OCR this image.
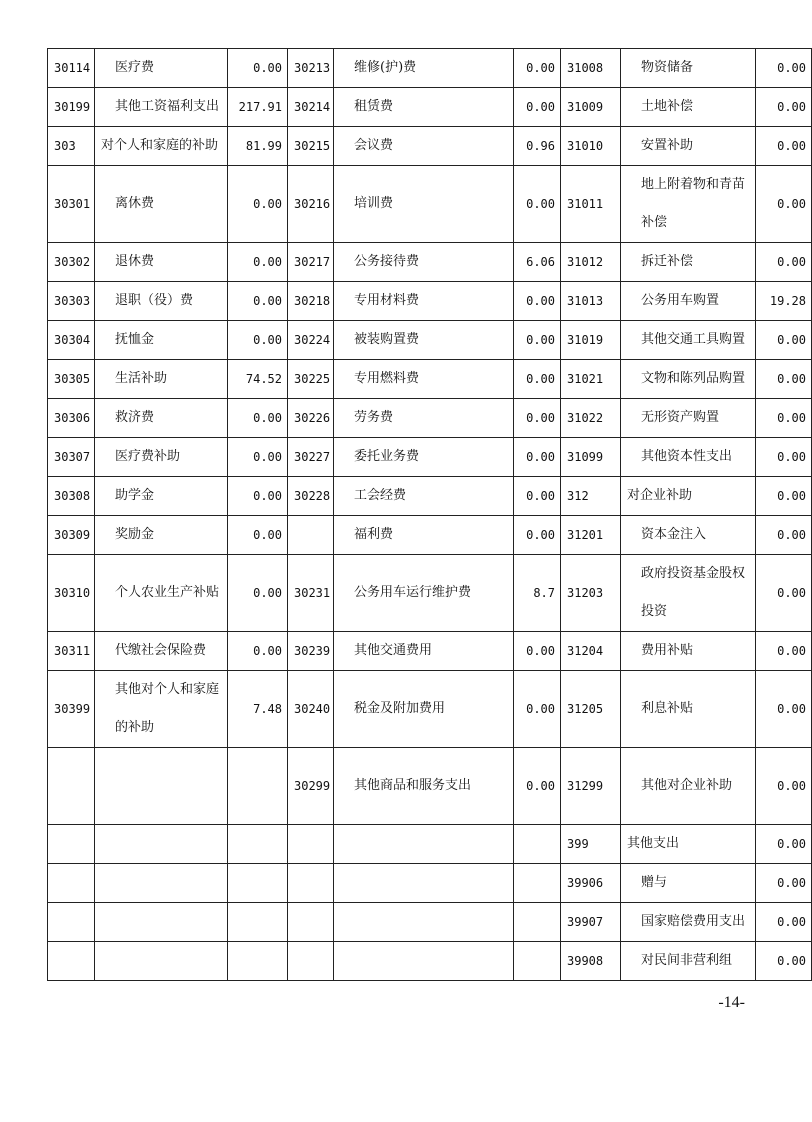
30114	医疗费	0.00	30213	维修(护)费	0.00	31008	物资储备	0.00
30199	其他工资福利支出	217.91	30214	租赁费	0.00	31009	土地补偿	0.00
303	对个人和家庭的补助	81.99	30215	会议费	0.96	31010	安置补助	0.00
30301	离休费	0.00	30216	培训费	0.00	31011	地上附着物和青苗补偿	0.00
30302	退休费	0.00	30217	公务接待费	6.06	31012	拆迁补偿	0.00
30303	退职（役）费	0.00	30218	专用材料费	0.00	31013	公务用车购置	19.28
30304	抚恤金	0.00	30224	被装购置费	0.00	31019	其他交通工具购置	0.00
30305	生活补助	74.52	30225	专用燃料费	0.00	31021	文物和陈列品购置	0.00
30306	救济费	0.00	30226	劳务费	0.00	31022	无形资产购置	0.00
30307	医疗费补助	0.00	30227	委托业务费	0.00	31099	其他资本性支出	0.00
30308	助学金	0.00	30228	工会经费	0.00	312	对企业补助	0.00
30309	奖励金	0.00		福利费	0.00	31201	资本金注入	0.00
30310	个人农业生产补贴	0.00	30231	公务用车运行维护费	8.7	31203	政府投资基金股权投资	0.00
30311	代缴社会保险费	0.00	30239	其他交通费用	0.00	31204	费用补贴	0.00
30399	其他对个人和家庭的补助	7.48	30240	税金及附加费用	0.00	31205	利息补贴	0.00
			30299	其他商品和服务支出	0.00	31299	其他对企业补助	0.00
						399	其他支出	0.00
						39906	赠与	0.00
						39907	国家赔偿费用支出	0.00
						39908	对民间非营利组	0.00
-14-
